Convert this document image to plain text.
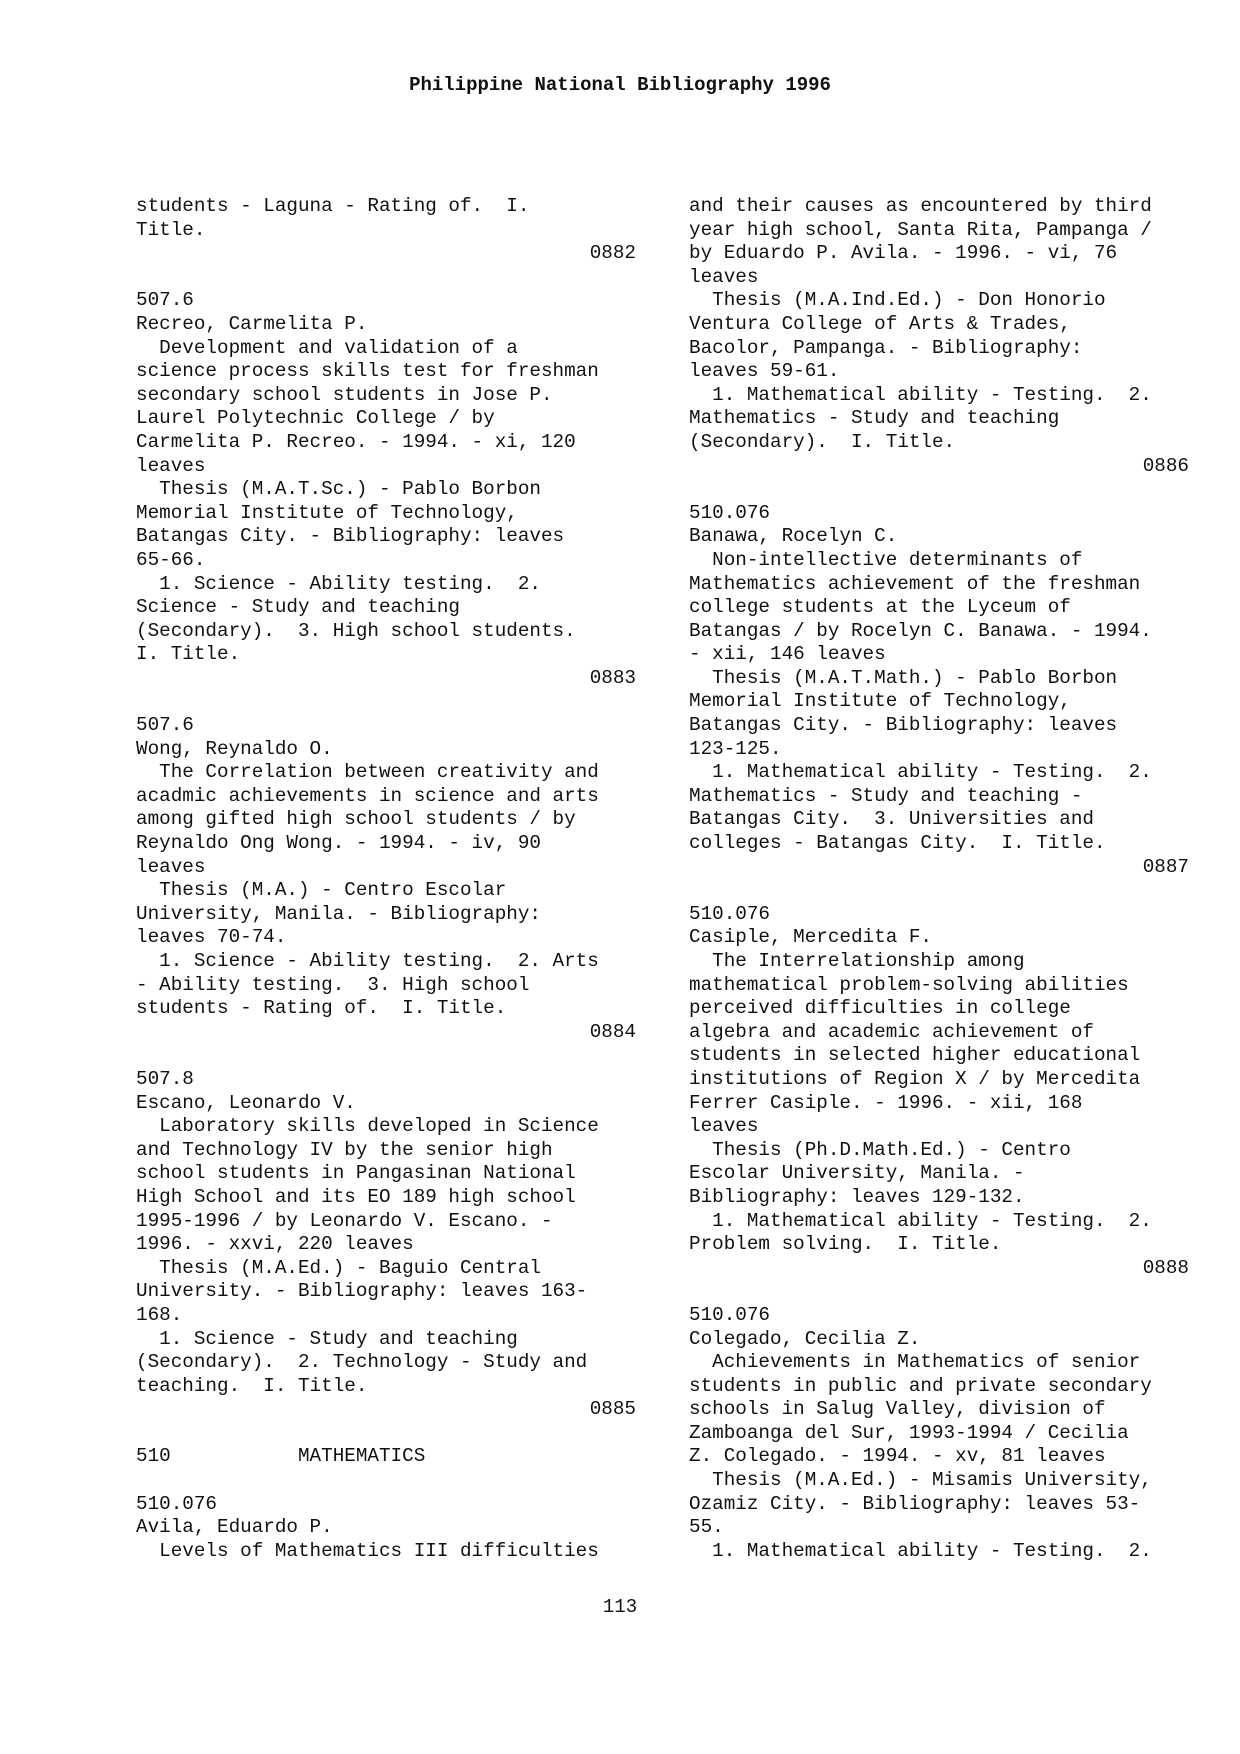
Philippine National Bibliography 1996
students - Laguna - Rating of.  I.
Title.
0882
507.6
Recreo, Carmelita P.
Development and validation of a
science process skills test for freshman
secondary school students in Jose P.
Laurel Polytechnic College / by
Carmelita P. Recreo. - 1994. - xi, 120
leaves
Thesis (M.A.T.Sc.) - Pablo Borbon
Memorial Institute of Technology,
Batangas City. - Bibliography: leaves
65-66.
1. Science - Ability testing.  2.
Science - Study and teaching
(Secondary).  3. High school students.
I. Title.
0883
507.6
Wong, Reynaldo O.
The Correlation between creativity and
acadmic achievements in science and arts
among gifted high school students / by
Reynaldo Ong Wong. - 1994. - iv, 90
leaves
Thesis (M.A.) - Centro Escolar
University, Manila. - Bibliography:
leaves 70-74.
1. Science - Ability testing.  2. Arts
- Ability testing.  3. High school
students - Rating of.  I. Title.
0884
507.8
Escano, Leonardo V.
Laboratory skills developed in Science
and Technology IV by the senior high
school students in Pangasinan National
High School and its EO 189 high school
1995-1996 / by Leonardo V. Escano. -
1996. - xxvi, 220 leaves
Thesis (M.A.Ed.) - Baguio Central
University. - Bibliography: leaves 163-
168.
1. Science - Study and teaching
(Secondary).  2. Technology - Study and
teaching.  I. Title.
0885
510           MATHEMATICS
510.076
Avila, Eduardo P.
Levels of Mathematics III difficulties
and their causes as encountered by third
year high school, Santa Rita, Pampanga /
by Eduardo P. Avila. - 1996. - vi, 76
leaves
Thesis (M.A.Ind.Ed.) - Don Honorio
Ventura College of Arts & Trades,
Bacolor, Pampanga. - Bibliography:
leaves 59-61.
1. Mathematical ability - Testing.  2.
Mathematics - Study and teaching
(Secondary).  I. Title.
0886
510.076
Banawa, Rocelyn C.
Non-intellective determinants of
Mathematics achievement of the freshman
college students at the Lyceum of
Batangas / by Rocelyn C. Banawa. - 1994.
- xii, 146 leaves
Thesis (M.A.T.Math.) - Pablo Borbon
Memorial Institute of Technology,
Batangas City. - Bibliography: leaves
123-125.
1. Mathematical ability - Testing.  2.
Mathematics - Study and teaching -
Batangas City.  3. Universities and
colleges - Batangas City.  I. Title.
0887
510.076
Casiple, Mercedita F.
The Interrelationship among
mathematical problem-solving abilities
perceived difficulties in college
algebra and academic achievement of
students in selected higher educational
institutions of Region X / by Mercedita
Ferrer Casiple. - 1996. - xii, 168
leaves
Thesis (Ph.D.Math.Ed.) - Centro
Escolar University, Manila. -
Bibliography: leaves 129-132.
1. Mathematical ability - Testing.  2.
Problem solving.  I. Title.
0888
510.076
Colegado, Cecilia Z.
Achievements in Mathematics of senior
students in public and private secondary
schools in Salug Valley, division of
Zamboanga del Sur, 1993-1994 / Cecilia
Z. Colegado. - 1994. - xv, 81 leaves
Thesis (M.A.Ed.) - Misamis University,
Ozamiz City. - Bibliography: leaves 53-
55.
1. Mathematical ability - Testing.  2.
113
